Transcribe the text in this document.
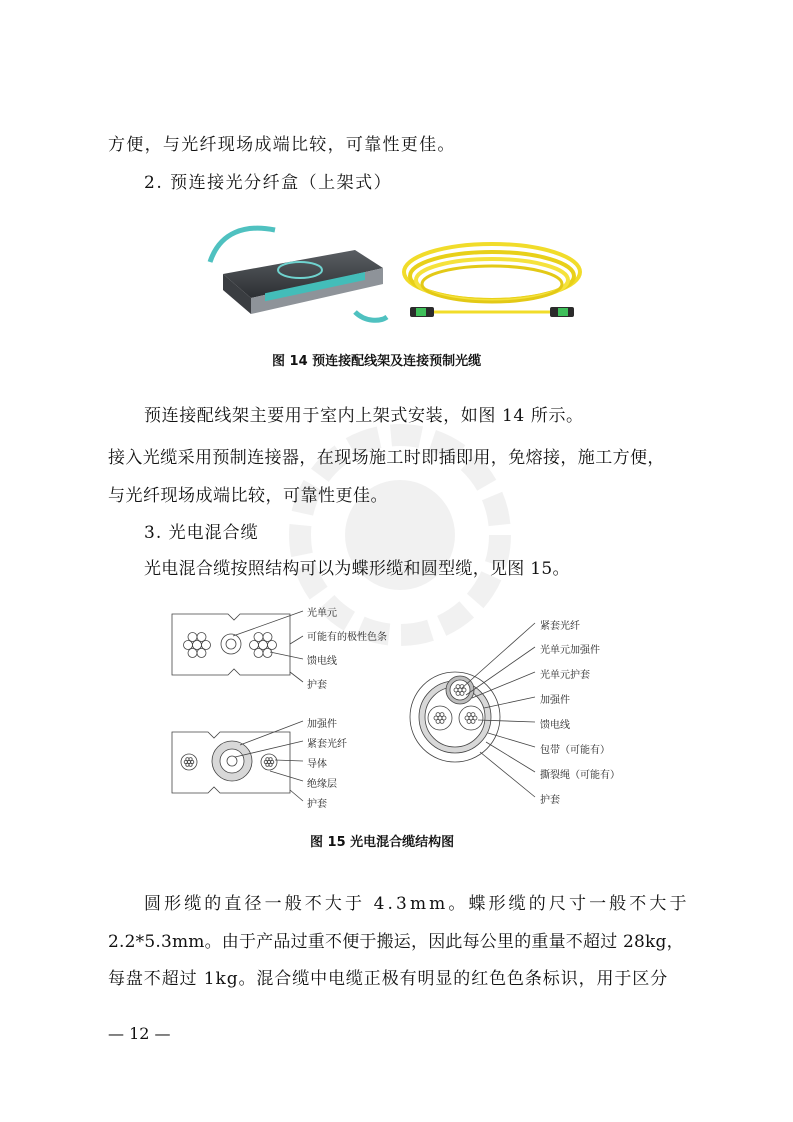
方便，与光纤现场成端比较，可靠性更佳。
2. 预连接光分纤盒（上架式）
图 14 预连接配线架及连接预制光缆
预连接配线架主要用于室内上架式安装，如图 14 所示。
接入光缆采用预制连接器，在现场施工时即插即用，免熔接，施工方便，
与光纤现场成端比较，可靠性更佳。
3. 光电混合缆
光电混合缆按照结构可以为蝶形缆和圆型缆，见图 15。
光单元
可能有的极性色条
馈电线
护套
加强件
紧套光纤
导体
绝缘层
护套
紧套光纤
光单元加强件
光单元护套
加强件
馈电线
包带（可能有）
撕裂绳（可能有）
护套
图 15 光电混合缆结构图
圆形缆的直径一般不大于 4.3mm。蝶形缆的尺寸一般不大于
2.2*5.3mm。由于产品过重不便于搬运，因此每公里的重量不超过 28kg，
每盘不超过 1kg。混合缆中电缆正极有明显的红色色条标识，用于区分
— 12 —
